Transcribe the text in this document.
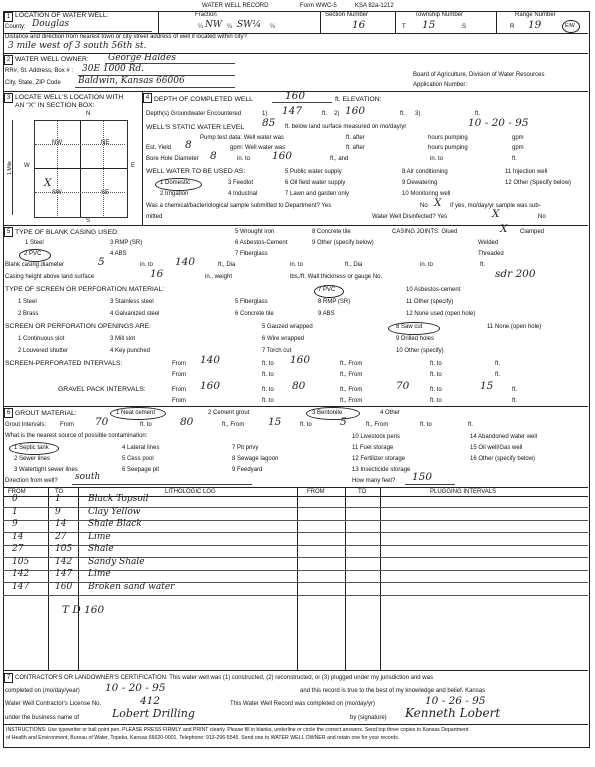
WATER WELL RECORD	Form WWC-5	KSA 82a-1212
1 LOCATION OF WATER WELL:	Fraction	Section Number	Township Number	Range Number
County: Douglas	NW
¼	¼ SW¼ ¼	16	T 15	S	R 19	E/W
Distance and direction from nearest town or city street address of well if located within city?
3 mile west of 3 south 56th st.
2 WATER WELL OWNER: George Haldes
RR#, St. Address, Box # : 30E 1000 Rd.
City, State, ZIP Code Baldwin, Kansas 66006
Board of Agriculture, Division of Water Resources
Application Number:
3 LOCATE WELL'S LOCATION WITH
AN "X" IN SECTION BOX:
N
S
W	E
1 Mile
NW	NE
SW	SE
X
4 DEPTH OF COMPLETED WELL	160	ft. ELEVATION:
Depth(s) Groundwater Encountered	1) 147	ft. 2) 160	ft. 3)	ft.
WELL'S STATIC WATER LEVEL 85 ft. below land surface measured on mo/day/yr	10 - 20 - 95
Pump test data: Well water was	ft. after	hours pumping	gpm
Est. Yield 8	gpm: Well water was	ft. after	hours pumping	gpm
Bore Hole Diameter 8	in. to 160	ft., and	in. to	ft.
WELL WATER TO BE USED AS:
1 Domestic
2 Irrigation
3 Feedlot
4 Industrial
5 Public water supply
6 Oil field water supply
7 Lawn and garden only
8 Air conditioning
9 Dewatering
10 Monitoring well
11 Injection well
12 Other (Specify below)
Was a chemical/bacteriological sample submitted to Department? Yes	No X If yes, mo/day/yr sample was sub-
mitted	Water Well Disinfected? Yes	X	No
5 TYPE OF BLANK CASING USED:	5 Wrought iron	8 Concrete tile	CASING JOINTS: Glued	X Clamped
1 Steel	3 RMP (SR)	6 Asbestos-Cement	9 Other (specify below)	Welded
2 PVC	4 ABS	7 Fiberglass	Threaded
Blank casing diameter	5	in. to 140	ft., Dia	in. to	ft., Dia	in. to	ft.
Casing height above land surface	16	in., weight	lbs./ft. Wall thickness or gauge No.	sdr 200
TYPE OF SCREEN OR PERFORATION MATERIAL:	7 PVC	10 Asbestos-cement
1 Steel	3 Stainless steel	5 Fiberglass	8 RMP (SR)	11 Other (specify)
2 Brass	4 Galvanized steel	6 Concrete tile	9 ABS	12 None used (open hole)
SCREEN OR PERFORATION OPENINGS ARE:	5 Gauzed wrapped	8 Saw cut	11 None (open hole)
1 Continuous slot	3 Mill slot	6 Wire wrapped	9 Drilled holes
2 Louvered shutter	4 Key punched	7 Torch cut	10 Other (specify)
SCREEN-PERFORATED INTERVALS:	From 140	ft. to 160	ft., From	ft. to	ft.
From	ft. to	ft., From	ft. to	ft.
GRAVEL PACK INTERVALS:	From 160	ft. to 80	ft., From	70	ft. to	15	ft.
From	ft. to	ft., From	ft. to	ft.
6 GROUT MATERIAL:	1 Neat cement	2 Cement grout	3 Bentonite	4 Other
Grout Intervals: From 70	ft. to	80	ft., From 15	ft. to	5	ft., From	ft. to	ft.
What is the nearest source of possible contamination:
1 Septic tank
2 Sewer lines
3 Watertight sewer lines
4 Lateral lines
5 Cess pool
6 Seepage pit
7 Pit privy
8 Sewage lagoon
9 Feedyard
10 Livestock pens
11 Fuel storage
12 Fertilizer storage
13 Insecticide storage
14 Abandoned water well
15 Oil well/Gas well
16 Other (specify below)
Direction from well? south	How many feet? 150
FROM	TO	LITHOLOGIC LOG	FROM	TO	PLUGGING INTERVALS
0	1	Black Topsoil
1	9	Clay Yellow
9	14 Shale Black
14	27 Lime
27	105 Shale
105	142 Sandy Shale
142	147 Lime
147	160 Broken sand water
T D 160
7 CONTRACTOR'S OR LANDOWNER'S CERTIFICATION: This water well was (1) constructed, (2) reconstructed, or (3) plugged under my jurisdiction and was
completed on (mo/day/year) 10 - 20 - 95	and this record is true to the best of my knowledge and belief. Kansas
Water Well Contractor's License No.	412	This Water Well Record was completed on (mo/day/yr)	10 - 26 - 95
under the business name of	Lobert Drilling	by (signature) Kenneth Lobert
INSTRUCTIONS: Use typewriter or ball point pen. PLEASE PRESS FIRMLY and PRINT clearly. Please fill in blanks, underline or circle the correct answers. Send top three copies to Kansas Department
of Health and Environment, Bureau of Water, Topeka, Kansas 66620-0001. Telephone: 913-296-5545. Send one to WATER WELL OWNER and retain one for your records.
